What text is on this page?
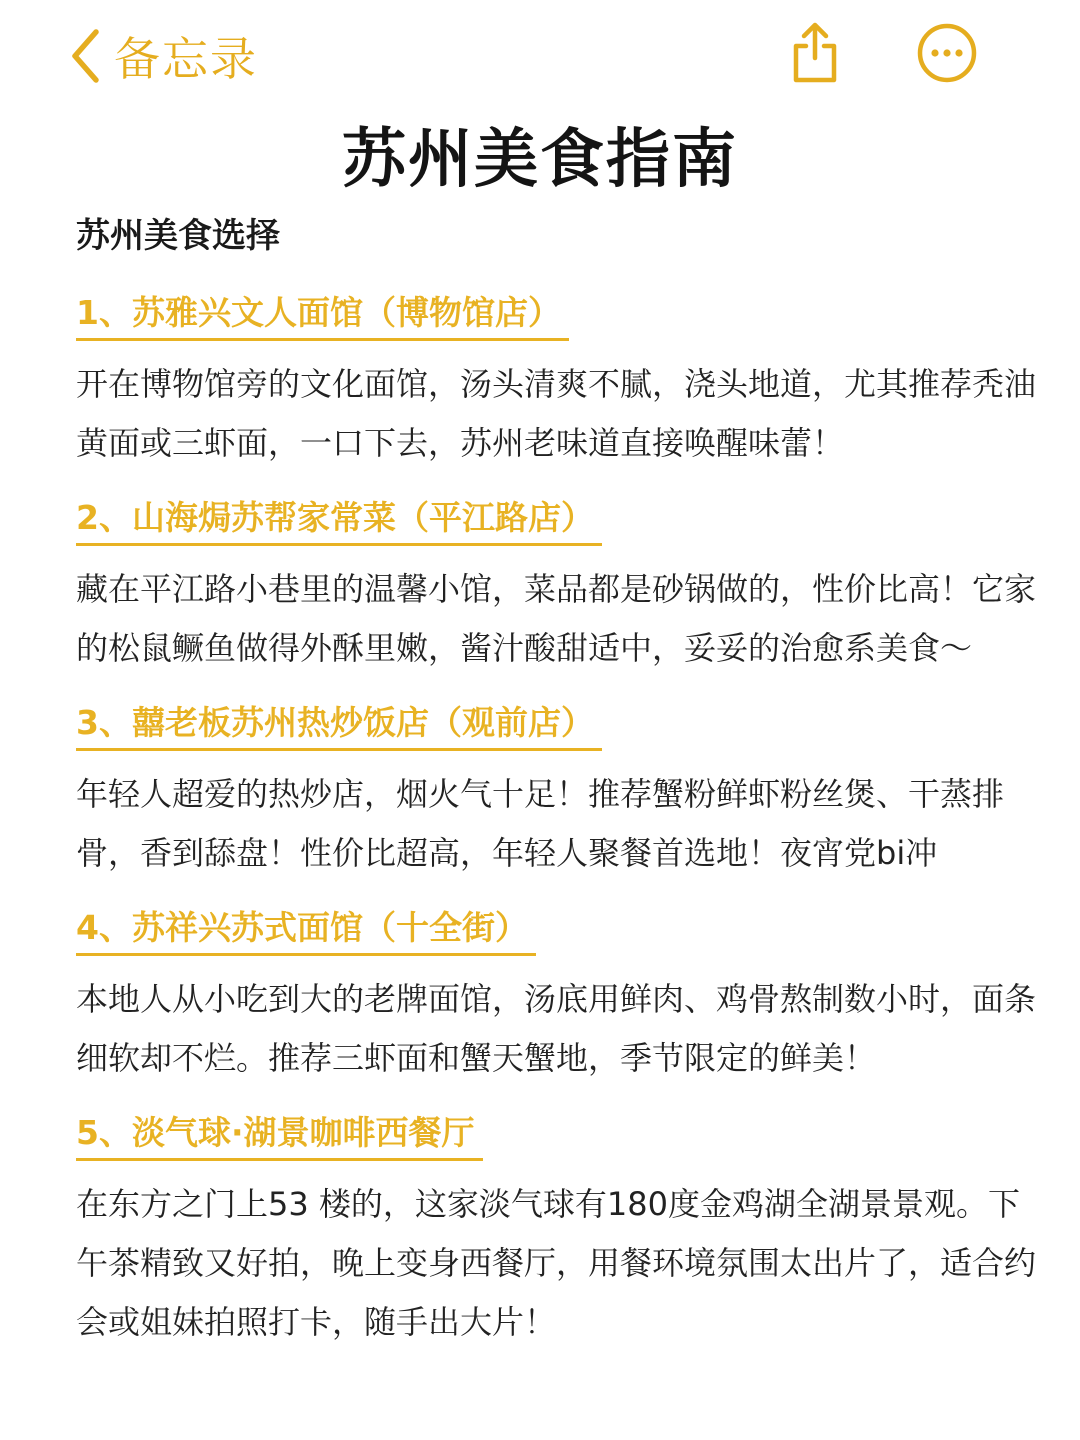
备忘录
苏州美食指南
苏州美食选择
1、苏雅兴文人面馆（博物馆店）
开在博物馆旁的文化面馆，汤头清爽不腻，浇头地道，尤其推荐秃油黄面或三虾面，一口下去，苏州老味道直接唤醒味蕾！
2、山海焗苏帮家常菜（平江路店）
藏在平江路小巷里的温馨小馆，菜品都是砂锅做的，性价比高！它家的松鼠鳜鱼做得外酥里嫩，酱汁酸甜适中，妥妥的治愈系美食～
3、囍老板苏州热炒饭店（观前店）
年轻人超爱的热炒店，烟火气十足！推荐蟹粉鲜虾粉丝煲、干蒸排骨，香到舔盘！性价比超高，年轻人聚餐首选地！夜宵党bi冲
4、苏祥兴苏式面馆（十全街）
本地人从小吃到大的老牌面馆，汤底用鲜肉、鸡骨熬制数小时，面条细软却不烂。推荐三虾面和蟹天蟹地，季节限定的鲜美！
5、淡气球·湖景咖啡西餐厅
在东方之门上53 楼的，这家淡气球有180度金鸡湖全湖景景观。下午茶精致又好拍，晚上变身西餐厅，用餐环境氛围太出片了，适合约会或姐妹拍照打卡，随手出大片！
